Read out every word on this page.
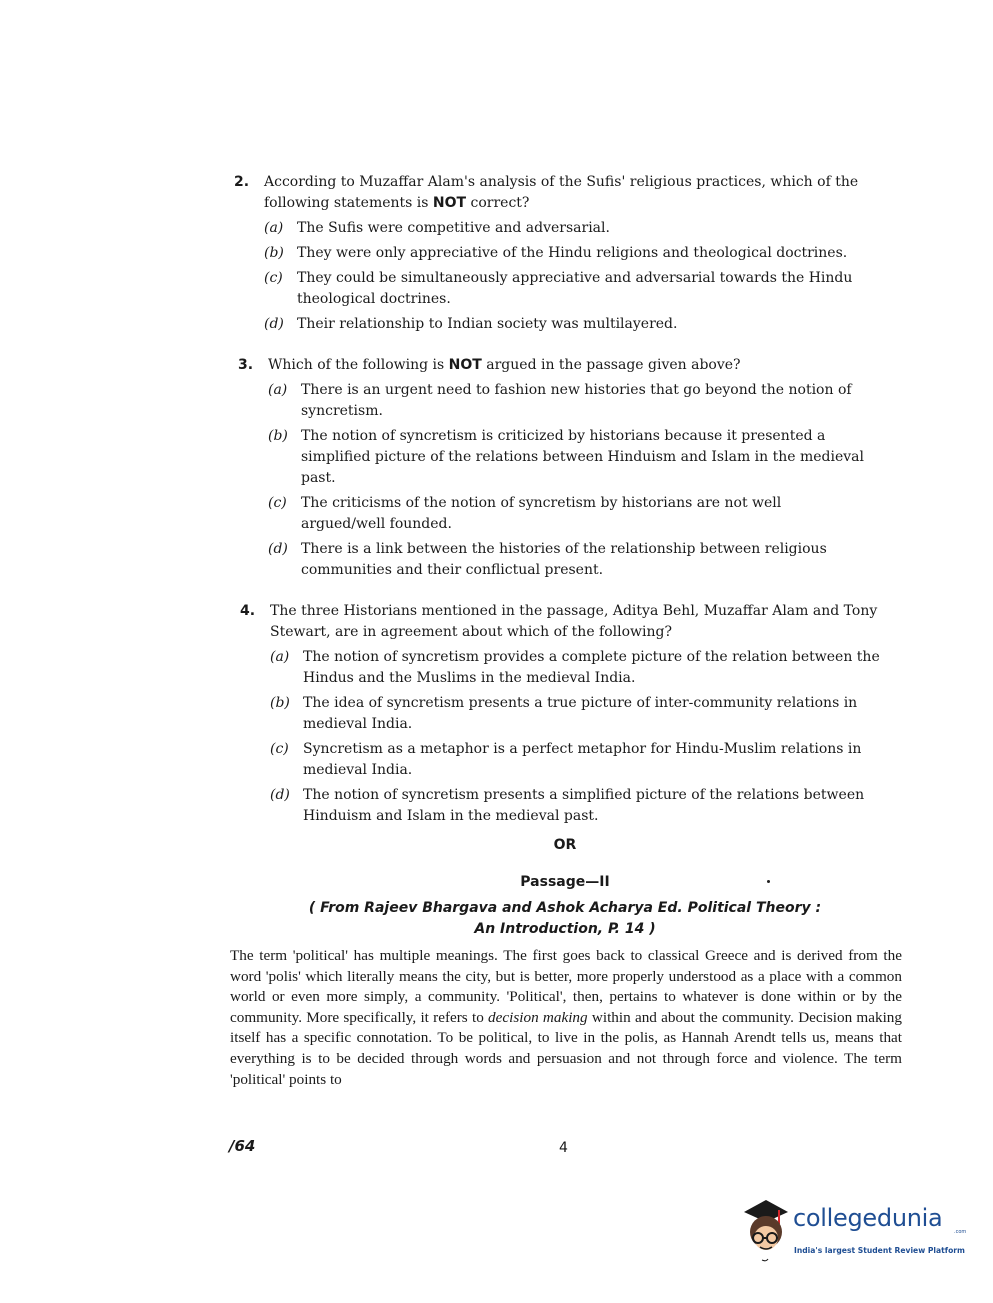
2.	According to Muzaffar Alam's analysis of the Sufis' religious practices, which of the following statements is NOT correct?
(a) The Sufis were competitive and adversarial.
(b) They were only appreciative of the Hindu religions and theological doctrines.
(c)	They could be simultaneously appreciative and adversarial towards the Hindu theological doctrines.
(d) Their relationship to Indian society was multilayered.
3.	Which of the following is NOT argued in the passage given above?
(a) There is an urgent need to fashion new histories that go beyond the notion of syncretism.
(b) The notion of syncretism is criticized by historians because it presented a simplified picture of the relations between Hinduism and Islam in the medieval past.
(c)	The criticisms of the notion of syncretism by historians are not well argued/well founded.
(d) There is a link between the histories of the relationship between religious communities and their conflictual present.
4.	The three Historians mentioned in the passage, Aditya Behl, Muzaffar Alam and Tony Stewart, are in agreement about which of the following?
(a) The notion of syncretism provides a complete picture of the relation between the Hindus and the Muslims in the medieval India.
(b) The idea of syncretism presents a true picture of inter-community relations in medieval India.
(c)	Syncretism as a metaphor is a perfect metaphor for Hindu-Muslim relations in medieval India.
(d) The notion of syncretism presents a simplified picture of the relations between Hinduism and Islam in the medieval past.
OR
Passage—II
( From Rajeev Bhargava and Ashok Acharya Ed. Political Theory :
An Introduction, P. 14 )
The term 'political' has multiple meanings. The first goes back to classical Greece and is derived from the word 'polis' which literally means the city, but is better, more properly understood as a place with a common world or even more simply, a community. 'Political', then, pertains to whatever is done within or by the community. More specifically, it refers to decision making within and about the community. Decision making itself has a specific connotation. To be political, to live in the polis, as Hannah Arendt tells us, means that everything is to be decided through words and persuasion and not through force and violence. The term 'political' points to
/64	4
collegedunia .com
India's largest Student Review Platform
